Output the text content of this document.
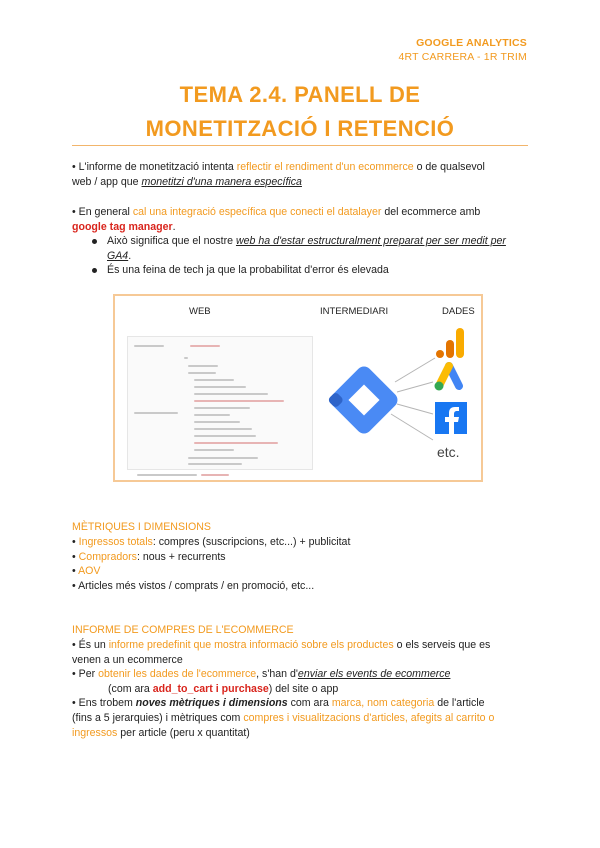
GOOGLE ANALYTICS
4RT CARRERA - 1R TRIM
TEMA 2.4. PANELL DE
MONETITZACIÓ I RETENCIÓ
• L'informe de monetització intenta reflectir el rendiment d'un ecommerce o de qualsevol
web / app que monetitzi d'una manera específica
• En general cal una integració específica que conecti el datalayer del ecommerce amb
google tag manager.
Això significa que el nostre web ha d'estar estructuralment preparat per ser medit per
GA4.
És una feina de tech ja que la probabilitat d'error és elevada
WEB	INTERMEDIARI	DADES
etc.
MÈTRIQUES I DIMENSIONS
• Ingressos totals: compres (suscripcions, etc...) + publicitat
• Compradors: nous + recurrents
• AOV
• Articles més vistos / comprats / en promoció, etc...
INFORME DE COMPRES DE L'ECOMMERCE
• És un informe predefinit que mostra informació sobre els productes o els serveis que es
venen a un ecommerce
• Per obtenir les dades de l'ecommerce, s'han d'enviar els events de ecommerce
(com ara add_to_cart i purchase) del site o app
• Ens trobem noves mètriques i dimensions com ara marca, nom categoria de l'article
(fins a 5 jerarquies) i mètriques com compres i visualitzacions d'articles, afegits al carrito o
ingressos per article (peru x quantitat)
